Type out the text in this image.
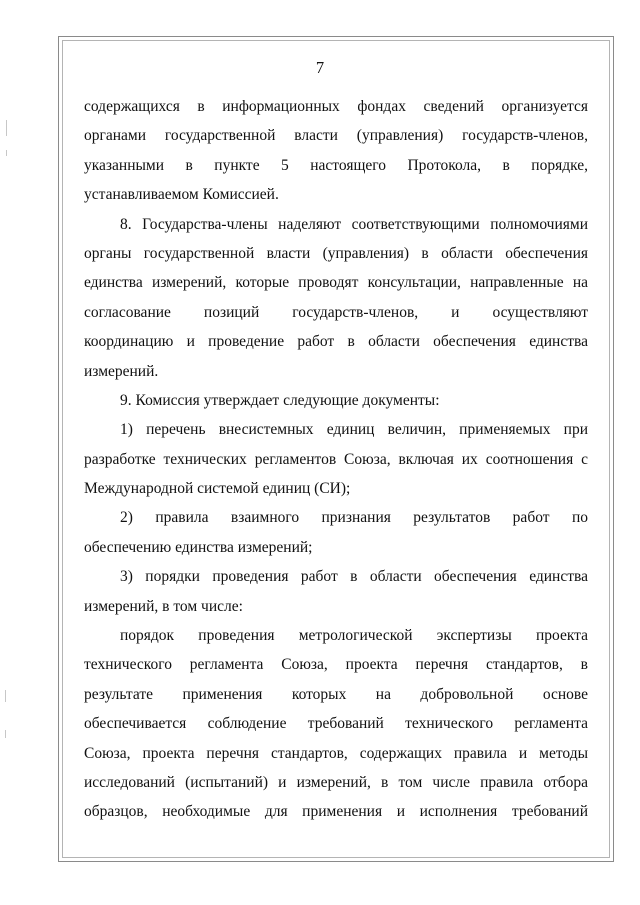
7
содержащихся в информационных фондах сведений организуется
органами государственной власти (управления) государств-членов,
указанными в пункте 5 настоящего Протокола, в порядке,
устанавливаемом Комиссией.
8. Государства-члены наделяют соответствующими полномочиями
органы государственной власти (управления) в области обеспечения
единства измерений, которые проводят консультации, направленные на
согласование позиций государств-членов, и осуществляют
координацию и проведение работ в области обеспечения единства
измерений.
9. Комиссия утверждает следующие документы:
1) перечень внесистемных единиц величин, применяемых при
разработке технических регламентов Союза, включая их соотношения с
Международной системой единиц (СИ);
2) правила взаимного признания результатов работ по
обеспечению единства измерений;
3) порядки проведения работ в области обеспечения единства
измерений, в том числе:
порядок проведения метрологической экспертизы проекта
технического регламента Союза, проекта перечня стандартов, в
результате применения которых на добровольной основе
обеспечивается соблюдение требований технического регламента
Союза, проекта перечня стандартов, содержащих правила и методы
исследований (испытаний) и измерений, в том числе правила отбора
образцов, необходимые для применения и исполнения требований
